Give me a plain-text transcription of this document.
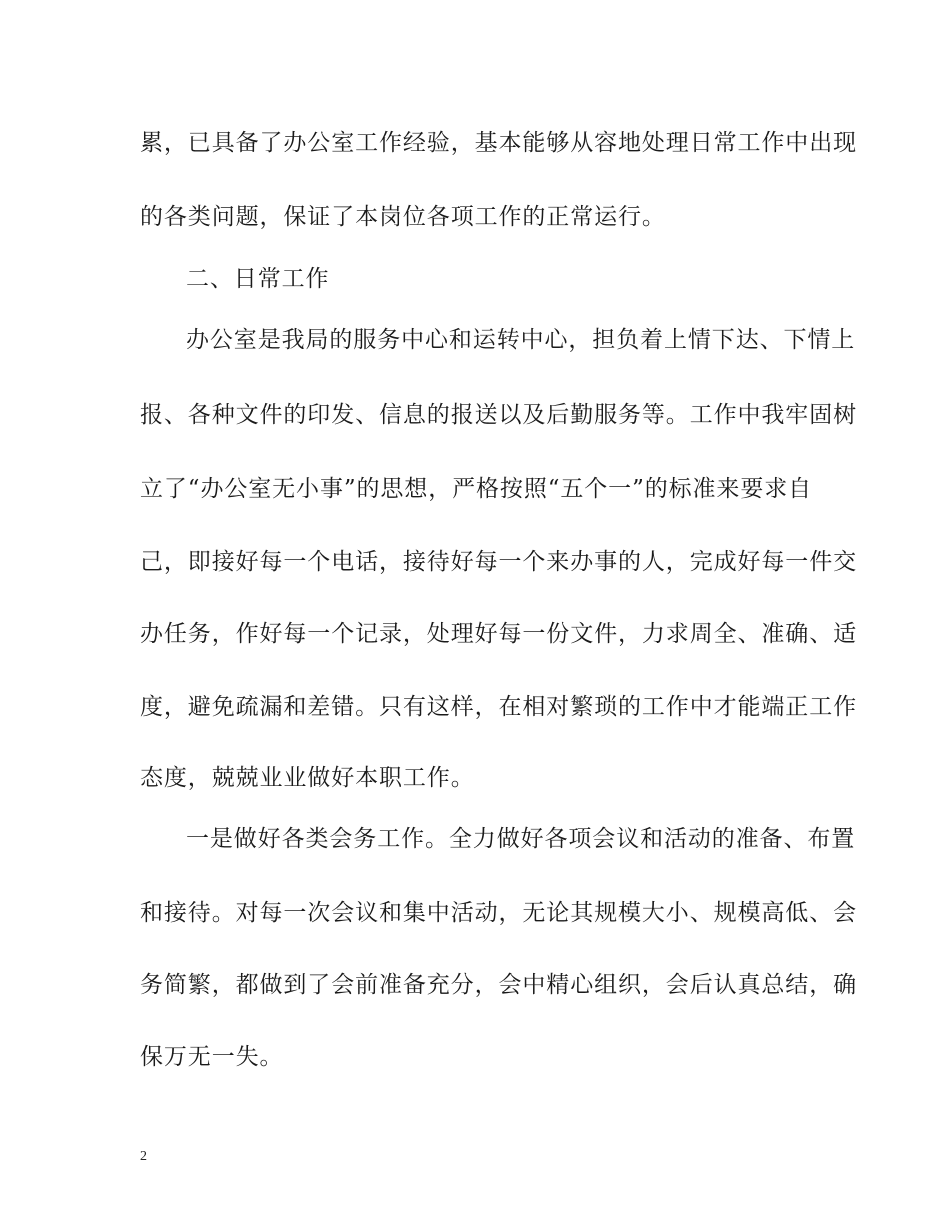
累，已具备了办公室工作经验，基本能够从容地处理日常工作中出现
的各类问题，保证了本岗位各项工作的正常运行。
二、日常工作
办公室是我局的服务中心和运转中心，担负着上情下达、下情上
报、各种文件的印发、信息的报送以及后勤服务等。工作中我牢固树
立了“办公室无小事”的思想，严格按照“五个一”的标准来要求自
己，即接好每一个电话，接待好每一个来办事的人，完成好每一件交
办任务，作好每一个记录，处理好每一份文件，力求周全、准确、适
度，避免疏漏和差错。只有这样，在相对繁琐的工作中才能端正工作
态度，兢兢业业做好本职工作。
一是做好各类会务工作。全力做好各项会议和活动的准备、布置
和接待。对每一次会议和集中活动，无论其规模大小、规模高低、会
务简繁，都做到了会前准备充分，会中精心组织，会后认真总结，确
保万无一失。
2
